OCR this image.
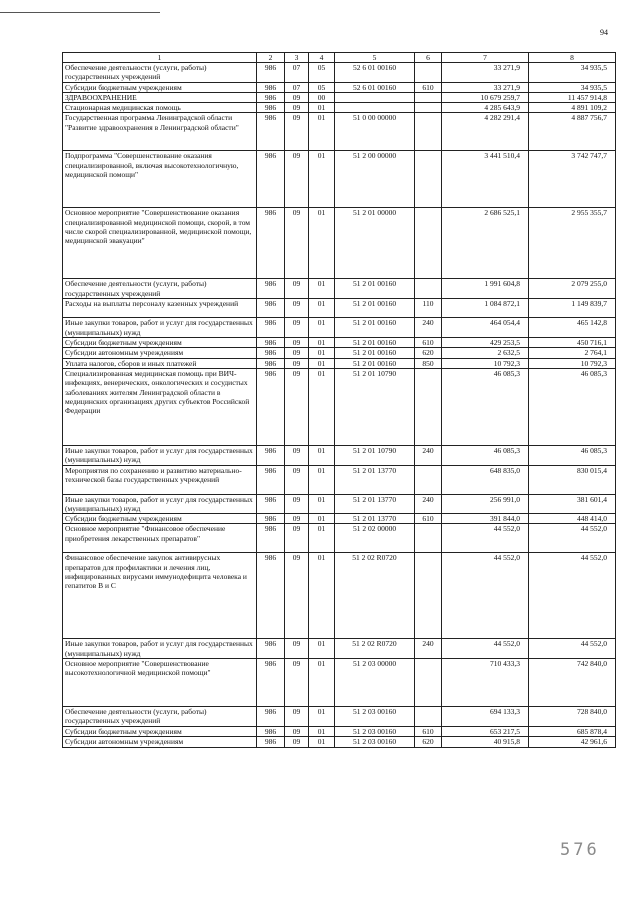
94
1	2	3	4	5	6	7	8
Обеспечение деятельности (услуги, работы) государственных учреждений	986	07	05	52 6 01 00160		33 271,9	34 935,5
Субсидии бюджетным учреждениям	986	07	05	52 6 01 00160	610	33 271,9	34 935,5
ЗДРАВООХРАНЕНИЕ	986	09	00			10 679 259,7	11 457 914,8
Стационарная медицинская помощь	986	09	01			4 285 643,9	4 891 109,2
Государственная программа Ленинградской области "Развитие здравоохранения в Ленинградской области"	986	09	01	51 0 00 00000		4 282 291,4	4 887 756,7
Подпрограмма "Совершенствование оказания специализированной, включая высокотехнологичную, медицинской помощи"	986	09	01	51 2 00 00000		3 441 510,4	3 742 747,7
Основное мероприятие "Совершенствование оказания специализированной медицинской помощи, скорой, в том числе скорой специализированной, медицинской помощи, медицинской эвакуации"	986	09	01	51 2 01 00000		2 686 525,1	2 955 355,7
Обеспечение деятельности (услуги, работы) государственных учреждений	986	09	01	51 2 01 00160		1 991 604,8	2 079 255,0
Расходы на выплаты персоналу казенных учреждений	986	09	01	51 2 01 00160	110	1 084 872,1	1 149 839,7
Иные закупки товаров, работ и услуг для государственных (муниципальных) нужд	986	09	01	51 2 01 00160	240	464 054,4	465 142,8
Субсидии бюджетным учреждениям	986	09	01	51 2 01 00160	610	429 253,5	450 716,1
Субсидии автономным учреждениям	986	09	01	51 2 01 00160	620	2 632,5	2 764,1
Уплата налогов, сборов и иных платежей	986	09	01	51 2 01 00160	850	10 792,3	10 792,3
Специализированная медицинская помощь при ВИЧ-инфекциях, венерических, онкологических и сосудистых заболеваниях жителям Ленинградской области в медицинских организациях других субъектов Российской Федерации	986	09	01	51 2 01 10790		46 085,3	46 085,3
Иные закупки товаров, работ и услуг для государственных (муниципальных) нужд	986	09	01	51 2 01 10790	240	46 085,3	46 085,3
Мероприятия по сохранению и развитию материально-технической базы государственных учреждений	986	09	01	51 2 01 13770		648 835,0	830 015,4
Иные закупки товаров, работ и услуг для государственных (муниципальных) нужд	986	09	01	51 2 01 13770	240	256 991,0	381 601,4
Субсидии бюджетным учреждениям	986	09	01	51 2 01 13770	610	391 844,0	448 414,0
Основное мероприятие "Финансовое обеспечение приобретения лекарственных препаратов"	986	09	01	51 2 02 00000		44 552,0	44 552,0
Финансовое обеспечение закупок антивирусных препаратов для профилактики и лечения лиц, инфицированных вирусами иммунодефицита человека и гепатитов В и С	986	09	01	51 2 02 R0720		44 552,0	44 552,0
Иные закупки товаров, работ и услуг для государственных (муниципальных) нужд	986	09	01	51 2 02 R0720	240	44 552,0	44 552,0
Основное мероприятие "Совершенствование высокотехнологичной медицинской помощи"	986	09	01	51 2 03 00000		710 433,3	742 840,0
Обеспечение деятельности (услуги, работы) государственных учреждений	986	09	01	51 2 03 00160		694 133,3	728 840,0
Субсидии бюджетным учреждениям	986	09	01	51 2 03 00160	610	653 217,5	685 878,4
Субсидии автономным учреждениям	986	09	01	51 2 03 00160	620	40 915,8	42 961,6
576
